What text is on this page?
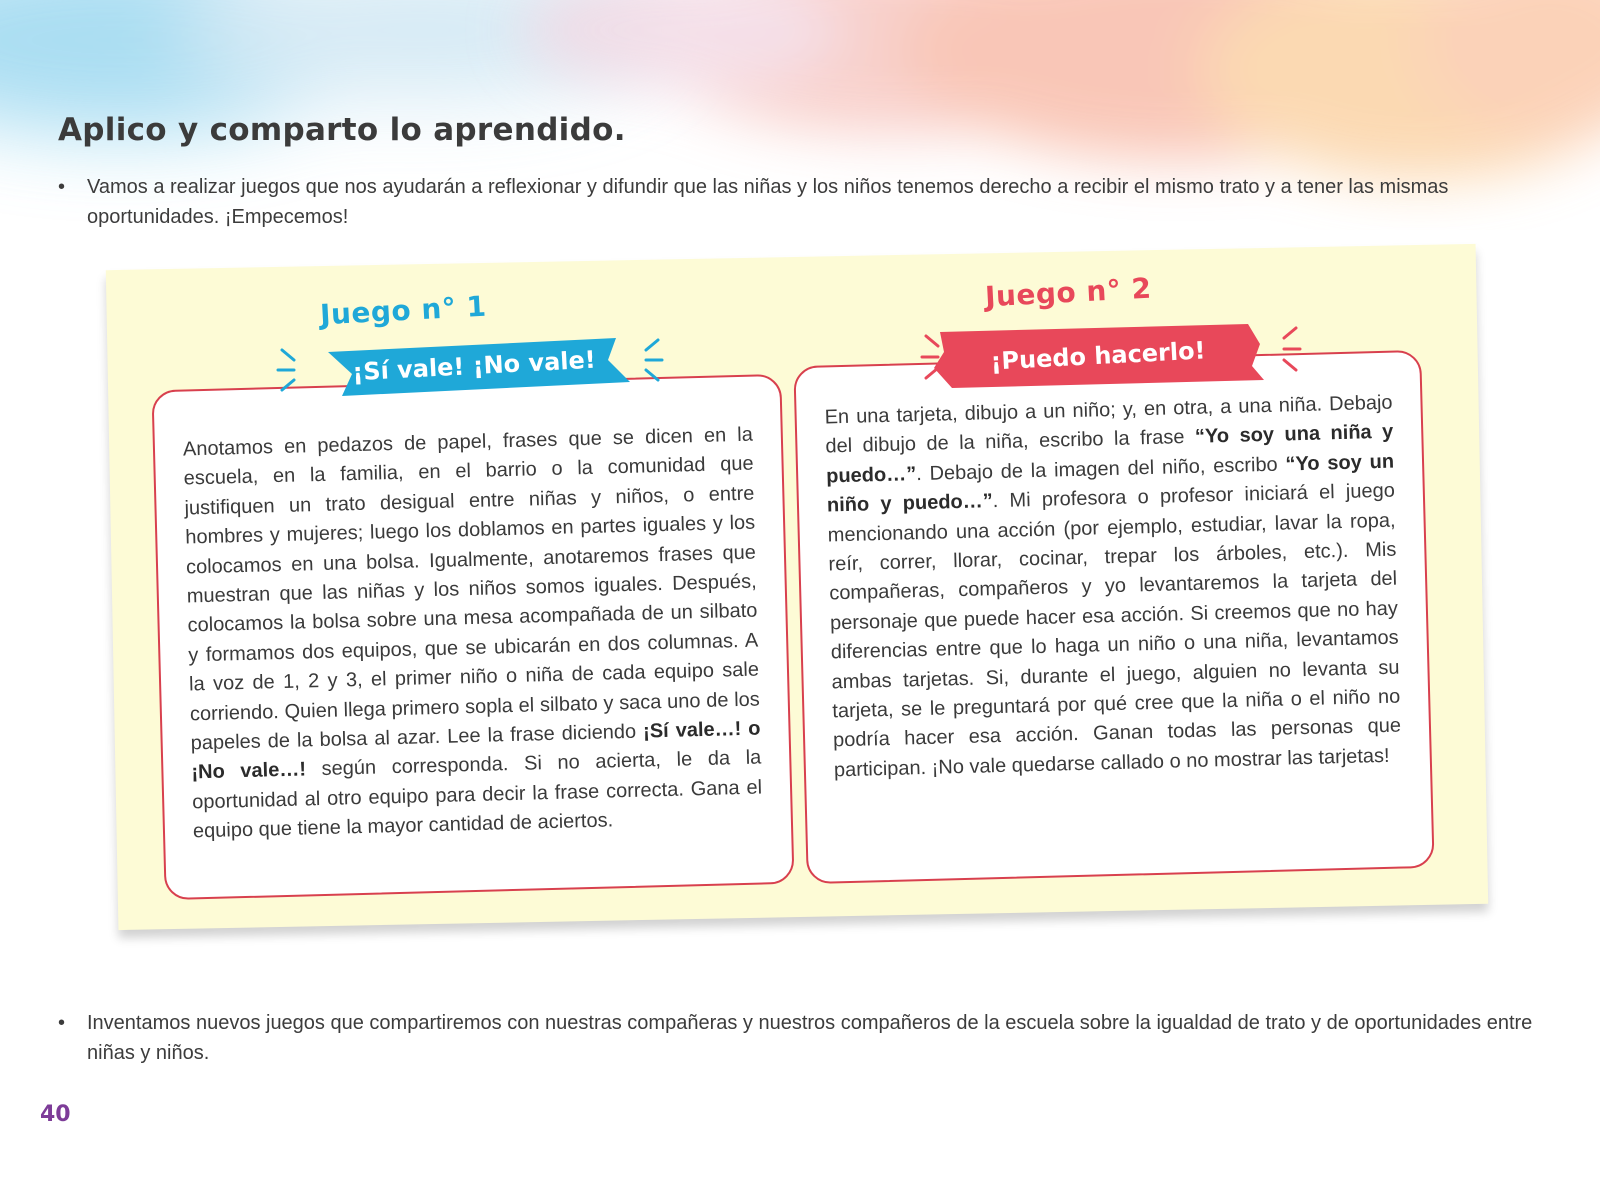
Aplico y comparto lo aprendido.
• Vamos a realizar juegos que nos ayudarán a reflexionar y difundir que las niñas y los niños tenemos derecho a recibir el mismo trato y a tener las mismas oportunidades. ¡Empecemos!
Anotamos en pedazos de papel, frases que se dicen en la escuela, en la familia, en el barrio o la comunidad que justifiquen un trato desigual entre niñas y niños, o entre hombres y mujeres; luego los doblamos en partes iguales y los colocamos en una bolsa. Igualmente, anotaremos frases que muestran que las niñas y los niños somos iguales. Después, colocamos la bolsa sobre una mesa acompañada de un silbato y formamos dos equipos, que se ubicarán en dos columnas. A la voz de 1, 2 y 3, el primer niño o niña de cada equipo sale corriendo. Quien llega primero sopla el silbato y saca uno de los papeles de la bolsa al azar. Lee la frase diciendo ¡Sí vale…! o ¡No vale…! según corresponda. Si no acierta, le da la oportunidad al otro equipo para decir la frase correcta. Gana el equipo que tiene la mayor cantidad de aciertos.
En una tarjeta, dibujo a un niño; y, en otra, a una niña. Debajo del dibujo de la niña, escribo la frase “Yo soy una niña y puedo…”. Debajo de la imagen del niño, escribo “Yo soy un niño y puedo…”. Mi profesora o profesor iniciará el juego mencionando una acción (por ejemplo, estudiar, lavar la ropa, reír, correr, llorar, cocinar, trepar los árboles, etc.). Mis compañeras, compañeros y yo levantaremos la tarjeta del personaje que puede hacer esa acción. Si creemos que no hay diferencias entre que lo haga un niño o una niña, levantamos ambas tarjetas. Si, durante el juego, alguien no levanta su tarjeta, se le preguntará por qué cree que la niña o el niño no podría hacer esa acción. Ganan todas las personas que participan. ¡No vale quedarse callado o no mostrar las tarjetas!
Juego n° 1
¡Sí vale! ¡No vale!
Juego n° 2
¡Puedo hacerlo!
• Inventamos nuevos juegos que compartiremos con nuestras compañeras y nuestros compañeros de la escuela sobre la igualdad de trato y de oportunidades entre niñas y niños.
40
